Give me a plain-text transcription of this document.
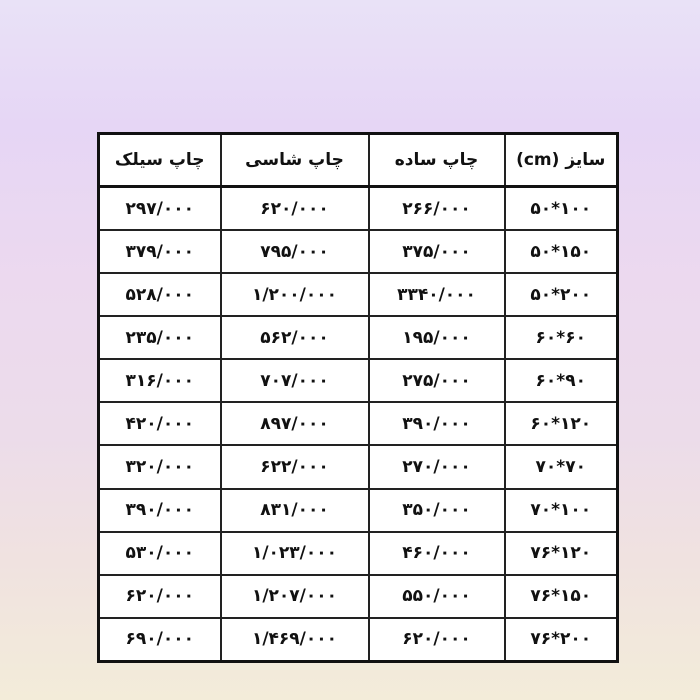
سایز (cm)	چاپ ساده	چاپ شاسی	چاپ سیلک
۵۰*۱۰۰	۲۶۶/۰۰۰	۶۲۰/۰۰۰	۲۹۷/۰۰۰
۵۰*۱۵۰	۳۷۵/۰۰۰	۷۹۵/۰۰۰	۳۷۹/۰۰۰
۵۰*۲۰۰	۳۳۴۰/۰۰۰	۱/۲۰۰/۰۰۰	۵۲۸/۰۰۰
۶۰*۶۰	۱۹۵/۰۰۰	۵۶۲/۰۰۰	۲۳۵/۰۰۰
۶۰*۹۰	۲۷۵/۰۰۰	۷۰۷/۰۰۰	۳۱۶/۰۰۰
۶۰*۱۲۰	۳۹۰/۰۰۰	۸۹۷/۰۰۰	۴۲۰/۰۰۰
۷۰*۷۰	۲۷۰/۰۰۰	۶۲۲/۰۰۰	۳۲۰/۰۰۰
۷۰*۱۰۰	۳۵۰/۰۰۰	۸۳۱/۰۰۰	۳۹۰/۰۰۰
۷۶*۱۲۰	۴۶۰/۰۰۰	۱/۰۲۳/۰۰۰	۵۳۰/۰۰۰
۷۶*۱۵۰	۵۵۰/۰۰۰	۱/۲۰۷/۰۰۰	۶۲۰/۰۰۰
۷۶*۲۰۰	۶۲۰/۰۰۰	۱/۴۶۹/۰۰۰	۶۹۰/۰۰۰
